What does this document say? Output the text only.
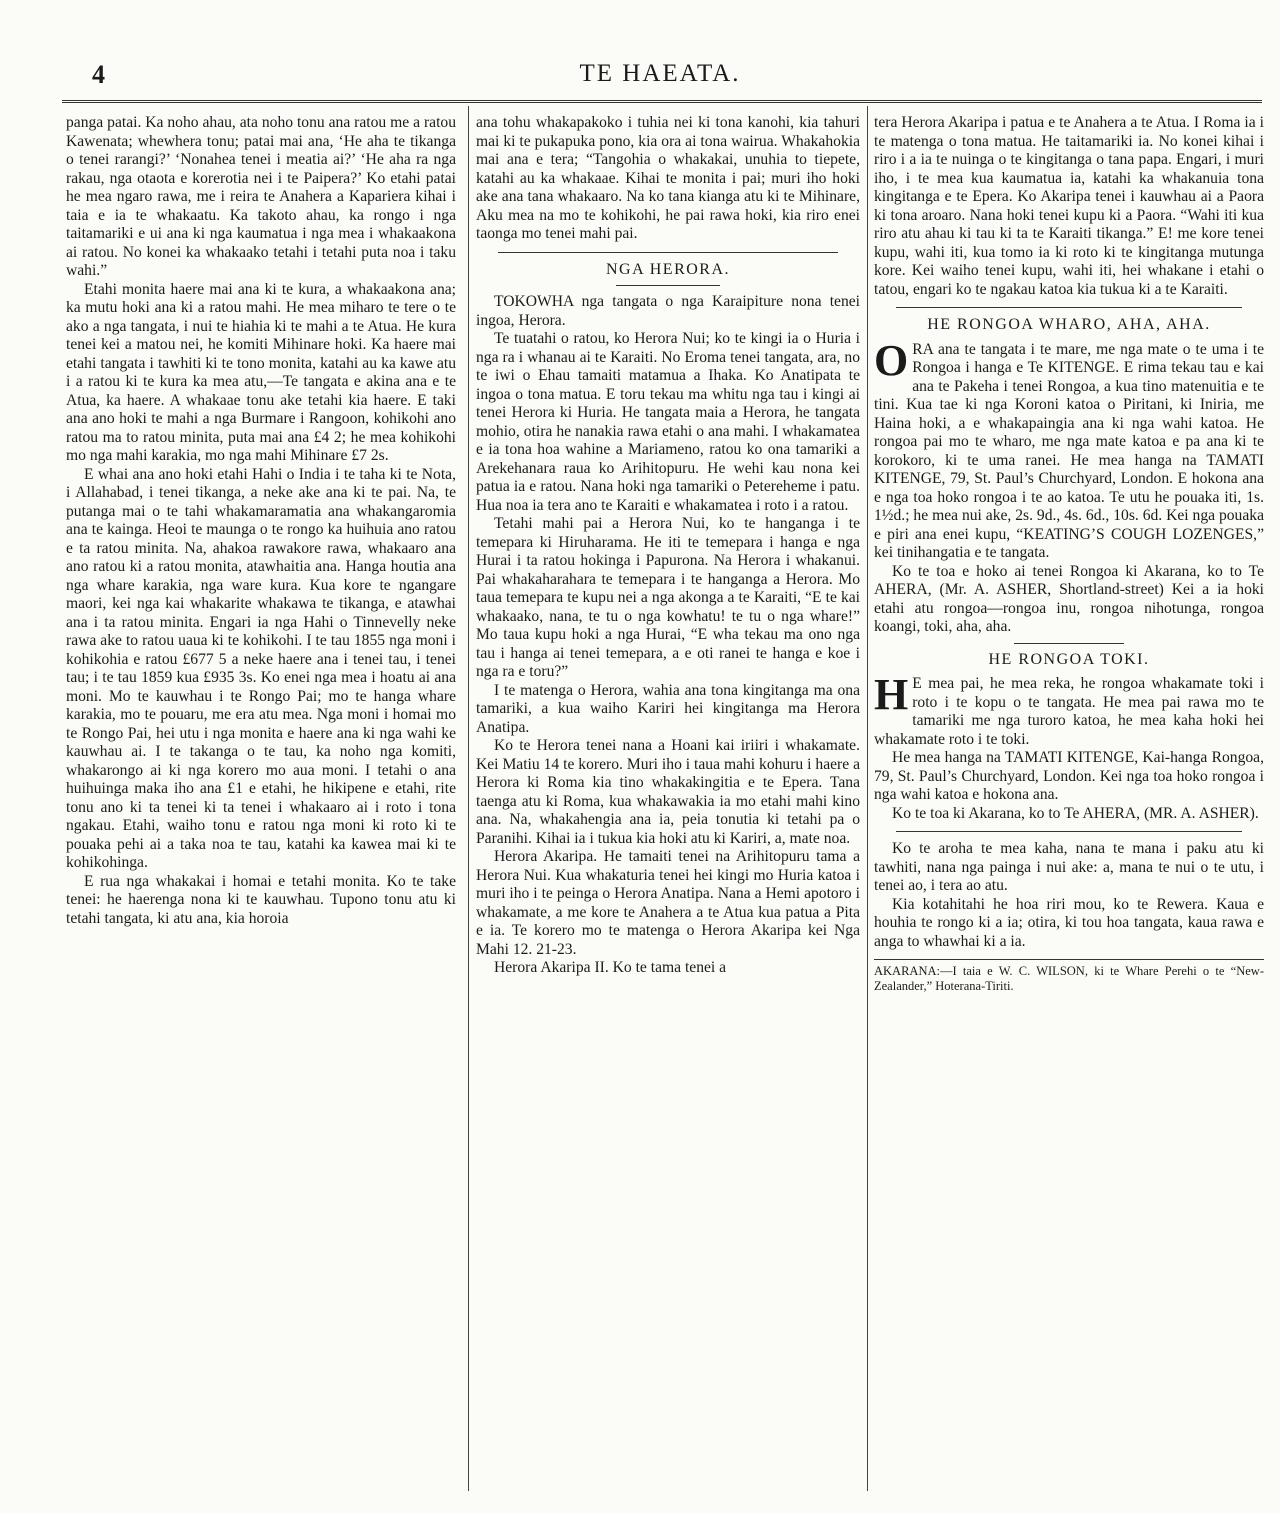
4	TE HAEATA.

panga patai. Ka noho ahau, ata noho tonu ana ratou me a ratou Kawenata; whewhera tonu; patai mai ana, ‘He aha te tikanga o tenei rarangi?’ ‘Nonahea tenei i meatia ai?’ ‘He aha ra nga rakau, nga otaota e korerotia nei i te Paipera?’ Ko etahi patai he mea ngaro rawa, me i reira te Anahera a Kapariera kihai i taia e ia te whakaatu. Ka takoto ahau, ka rongo i nga taitamariki e ui ana ki nga kaumatua i nga mea i whakaakona ai ratou. No konei ka whakaako tetahi i tetahi puta noa i taku wahi.”

Etahi monita haere mai ana ki te kura, a whakaakona ana; ka mutu hoki ana ki a ratou mahi. He mea miharo te tere o te ako a nga tangata, i nui te hiahia ki te mahi a te Atua. He kura tenei kei a matou nei, he komiti Mihinare hoki. Ka haere mai etahi tangata i tawhiti ki te tono monita, katahi au ka kawe atu i a ratou ki te kura ka mea atu,—Te tangata e akina ana e te Atua, ka haere. A whakaae tonu ake tetahi kia haere. E taki ana ano hoki te mahi a nga Burmare i Rangoon, kohikohi ano ratou ma to ratou minita, puta mai ana £4 2; he mea kohikohi mo nga mahi karakia, mo nga mahi Mihinare £7 2s.

E whai ana ano hoki etahi Hahi o India i te taha ki te Nota, i Allahabad, i tenei tikanga, a neke ake ana ki te pai. Na, te putanga mai o te tahi whakamaramatia ana whakangaromia ana te kainga. Heoi te maunga o te rongo ka huihuia ano ratou e ta ratou minita. Na, ahakoa rawakore rawa, whakaaro ana ano ratou ki a ratou monita, atawhaitia ana. Hanga houtia ana nga whare karakia, nga ware kura. Kua kore te ngangare maori, kei nga kai whakarite whakawa te tikanga, e atawhai ana i ta ratou minita. Engari ia nga Hahi o Tinnevelly neke rawa ake to ratou uaua ki te kohikohi. I te tau 1855 nga moni i kohikohia e ratou £677 5 a neke haere ana i tenei tau, i tenei tau; i te tau 1859 kua £935 3s. Ko enei nga mea i hoatu ai ana moni. Mo te kauwhau i te Rongo Pai; mo te hanga whare karakia, mo te pouaru, me era atu mea. Nga moni i homai mo te Rongo Pai, hei utu i nga monita e haere ana ki nga wahi ke kauwhau ai. I te takanga o te tau, ka noho nga komiti, whakarongo ai ki nga korero mo aua moni. I tetahi o ana huihuinga maka iho ana £1 e etahi, he hikipene e etahi, rite tonu ano ki ta tenei ki ta tenei i whakaaro ai i roto i tona ngakau. Etahi, waiho tonu e ratou nga moni ki roto ki te pouaka pehi ai a taka noa te tau, katahi ka kawea mai ki te kohikohinga.

E rua nga whakakai i homai e tetahi monita. Ko te take tenei: he haerenga nona ki te kauwhau. Tupono tonu atu ki tetahi tangata, ki atu ana, kia horoia

ana tohu whakapakoko i tuhia nei ki tona kanohi, kia tahuri mai ki te pukapuka pono, kia ora ai tona wairua. Whakahokia mai ana e tera; “Tangohia o whakakai, unuhia to tiepete, katahi au ka whakaae. Kihai te monita i pai; muri iho hoki ake ana tana whakaaro. Na ko tana kianga atu ki te Mihinare, Aku mea na mo te kohikohi, he pai rawa hoki, kia riro enei taonga mo tenei mahi pai.

NGA HERORA.

TOKOWHA nga tangata o nga Karaipiture nona tenei ingoa, Herora.

Te tuatahi o ratou, ko Herora Nui; ko te kingi ia o Huria i nga ra i whanau ai te Karaiti. No Eroma tenei tangata, ara, no te iwi o Ehau tamaiti matamua a Ihaka. Ko Anatipata te ingoa o tona matua. E toru tekau ma whitu nga tau i kingi ai tenei Herora ki Huria. He tangata maia a Herora, he tangata mohio, otira he nanakia rawa etahi o ana mahi. I whakamatea e ia tona hoa wahine a Mariameno, ratou ko ona tamariki a Arekehanara raua ko Arihitopuru. He wehi kau nona kei patua ia e ratou. Nana hoki nga tamariki o Petereheme i patu. Hua noa ia tera ano te Karaiti e whakamatea i roto i a ratou.

Tetahi mahi pai a Herora Nui, ko te hanganga i te temepara ki Hiruharama. He iti te temepara i hanga e nga Hurai i ta ratou hokinga i Papurona. Na Herora i whakanui. Pai whakaharahara te temepara i te hanganga a Herora. Mo taua temepara te kupu nei a nga akonga a te Karaiti, “E te kai whakaako, nana, te tu o nga kowhatu! te tu o nga whare!” Mo taua kupu hoki a nga Hurai, “E wha tekau ma ono nga tau i hanga ai tenei temepara, a e oti ranei te hanga e koe i nga ra e toru?”

I te matenga o Herora, wahia ana tona kingitanga ma ona tamariki, a kua waiho Kariri hei kingitanga ma Herora Anatipa.

Ko te Herora tenei nana a Hoani kai iriiri i whakamate. Kei Matiu 14 te korero. Muri iho i taua mahi kohuru i haere a Herora ki Roma kia tino whakakingitia e te Epera. Tana taenga atu ki Roma, kua whakawakia ia mo etahi mahi kino ana. Na, whakahengia ana ia, peia tonutia ki tetahi pa o Paranihi. Kihai ia i tukua kia hoki atu ki Kariri, a, mate noa.

Herora Akaripa. He tamaiti tenei na Arihitopuru tama a Herora Nui. Kua whakaturia tenei hei kingi mo Huria katoa i muri iho i te peinga o Herora Anatipa. Nana a Hemi apotoro i whakamate, a me kore te Anahera a te Atua kua patua a Pita e ia. Te korero mo te matenga o Herora Akaripa kei Nga Mahi 12. 21-23.

Herora Akaripa II. Ko te tama tenei a

tera Herora Akaripa i patua e te Anahera a te Atua. I Roma ia i te matenga o tona matua. He taitamariki ia. No konei kihai i riro i a ia te nuinga o te kingitanga o tana papa. Engari, i muri iho, i te mea kua kaumatua ia, katahi ka whakanuia tona kingitanga e te Epera. Ko Akaripa tenei i kauwhau ai a Paora ki tona aroaro. Nana hoki tenei kupu ki a Paora. “Wahi iti kua riro atu ahau ki tau ki ta te Karaiti tikanga.” E! me kore tenei kupu, wahi iti, kua tomo ia ki roto ki te kingitanga mutunga kore. Kei waiho tenei kupu, wahi iti, hei whakane i etahi o tatou, engari ko te ngakau katoa kia tukua ki a te Karaiti.

HE RONGOA WHARO, AHA, AHA.

ORA ana te tangata i te mare, me nga mate o te uma i te Rongoa i hanga e Te KITENGE. E rima tekau tau e kai ana te Pakeha i tenei Rongoa, a kua tino matenuitia e te tini. Kua tae ki nga Koroni katoa o Piritani, ki Iniria, me Haina hoki, a e whakapaingia ana ki nga wahi katoa. He rongoa pai mo te wharo, me nga mate katoa e pa ana ki te korokoro, ki te uma ranei. He mea hanga na TAMATI KITENGE, 79, St. Paul’s Churchyard, London. E hokona ana e nga toa hoko rongoa i te ao katoa. Te utu he pouaka iti, 1s. 1½d.; he mea nui ake, 2s. 9d., 4s. 6d., 10s. 6d. Kei nga pouaka e piri ana enei kupu, “KEATING’S COUGH LOZENGES,” kei tinihangatia e te tangata.

Ko te toa e hoko ai tenei Rongoa ki Akarana, ko to Te AHERA, (Mr. A. ASHER, Shortland-street) Kei a ia hoki etahi atu rongoa—rongoa inu, rongoa nihotunga, rongoa koangi, toki, aha, aha.

HE RONGOA TOKI.

H E mea pai, he mea reka, he rongoa whakamate toki i roto i te kopu o te tangata. He mea pai rawa mo te tamariki me nga turoro katoa, he mea kaha hoki hei whakamate roto i te toki.

He mea hanga na TAMATI KITENGE, Kai-hanga Rongoa, 79, St. Paul’s Churchyard, London. Kei nga toa hoko rongoa i nga wahi katoa e hokona ana.

Ko te toa ki Akarana, ko to Te AHERA, (MR. A. ASHER).

Ko te aroha te mea kaha, nana te mana i paku atu ki tawhiti, nana nga painga i nui ake: a, mana te nui o te utu, i tenei ao, i tera ao atu.

Kia kotahitahi he hoa riri mou, ko te Rewera. Kaua e houhia te rongo ki a ia; otira, ki tou hoa tangata, kaua rawa e anga to whawhai ki a ia.

AKARANA:—I taia e W. C. WILSON, ki te Whare Perehi o te “New-Zealander,” Hoterana-Tiriti.
